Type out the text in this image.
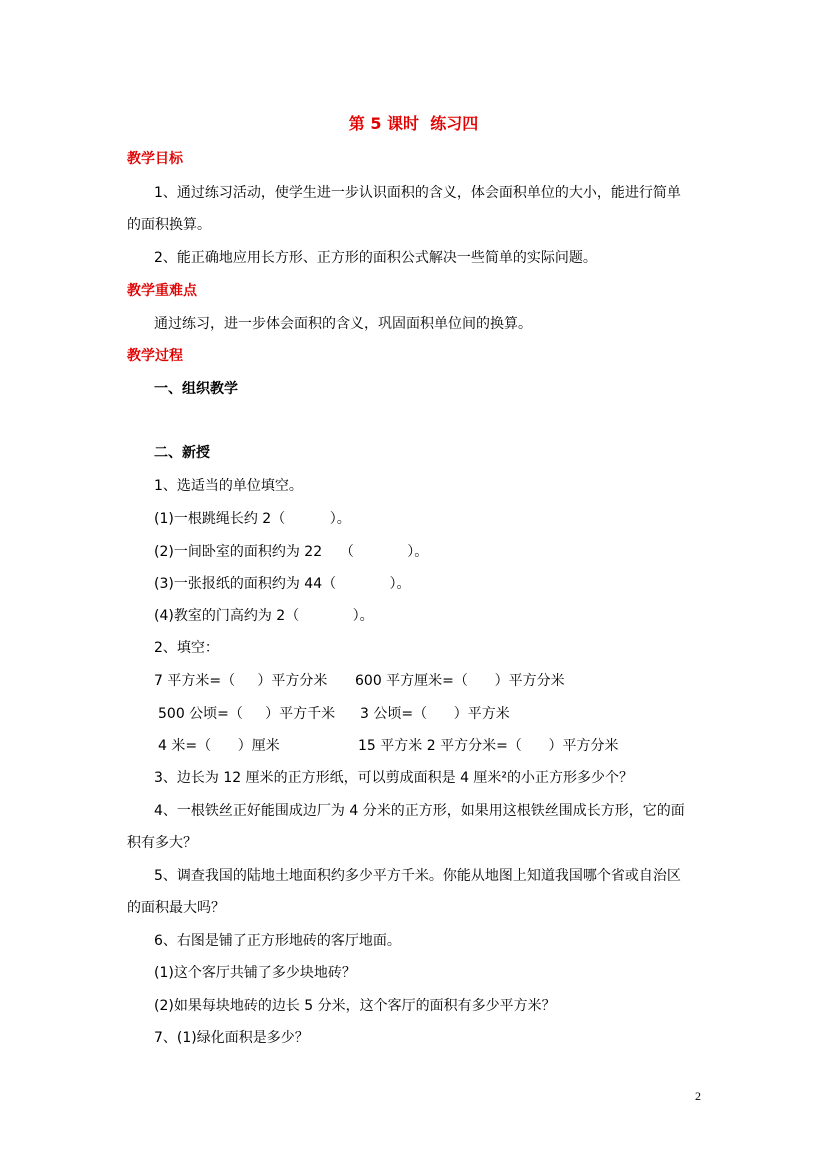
第 5 课时  练习四
教学目标
1、通过练习活动，使学生进一步认识面积的含义，体会面积单位的大小，能进行简单
的面积换算。
2、能正确地应用长方形、正方形的面积公式解决一些简单的实际问题。
教学重难点
通过练习，进一步体会面积的含义，巩固面积单位间的换算。
教学过程
一、组织教学
二、新授
1、选适当的单位填空。
(1)一根跳绳长约 2（          ）。
(2)一间卧室的面积约为 22    （            ）。
(3)一张报纸的面积约为 44（            ）。
(4)教室的门高约为 2（            ）。
2、填空：
7 平方米=（     ）平方分米 600 平方厘米=（      ）平方分米
500 公顷=（     ）平方千米 3 公顷=（      ）平方米
4 米=（      ）厘米	15 平方米 2 平方分米=（      ）平方分米
3、边长为 12 厘米的正方形纸，可以剪成面积是 4 厘米²的小正方形多少个？
4、一根铁丝正好能围成边厂为 4 分米的正方形，如果用这根铁丝围成长方形，它的面
积有多大？
5、调查我国的陆地土地面积约多少平方千米。你能从地图上知道我国哪个省或自治区
的面积最大吗？
6、右图是铺了正方形地砖的客厅地面。
(1)这个客厅共铺了多少块地砖？
(2)如果每块地砖的边长 5 分米，这个客厅的面积有多少平方米？
7、(1)绿化面积是多少？
2
